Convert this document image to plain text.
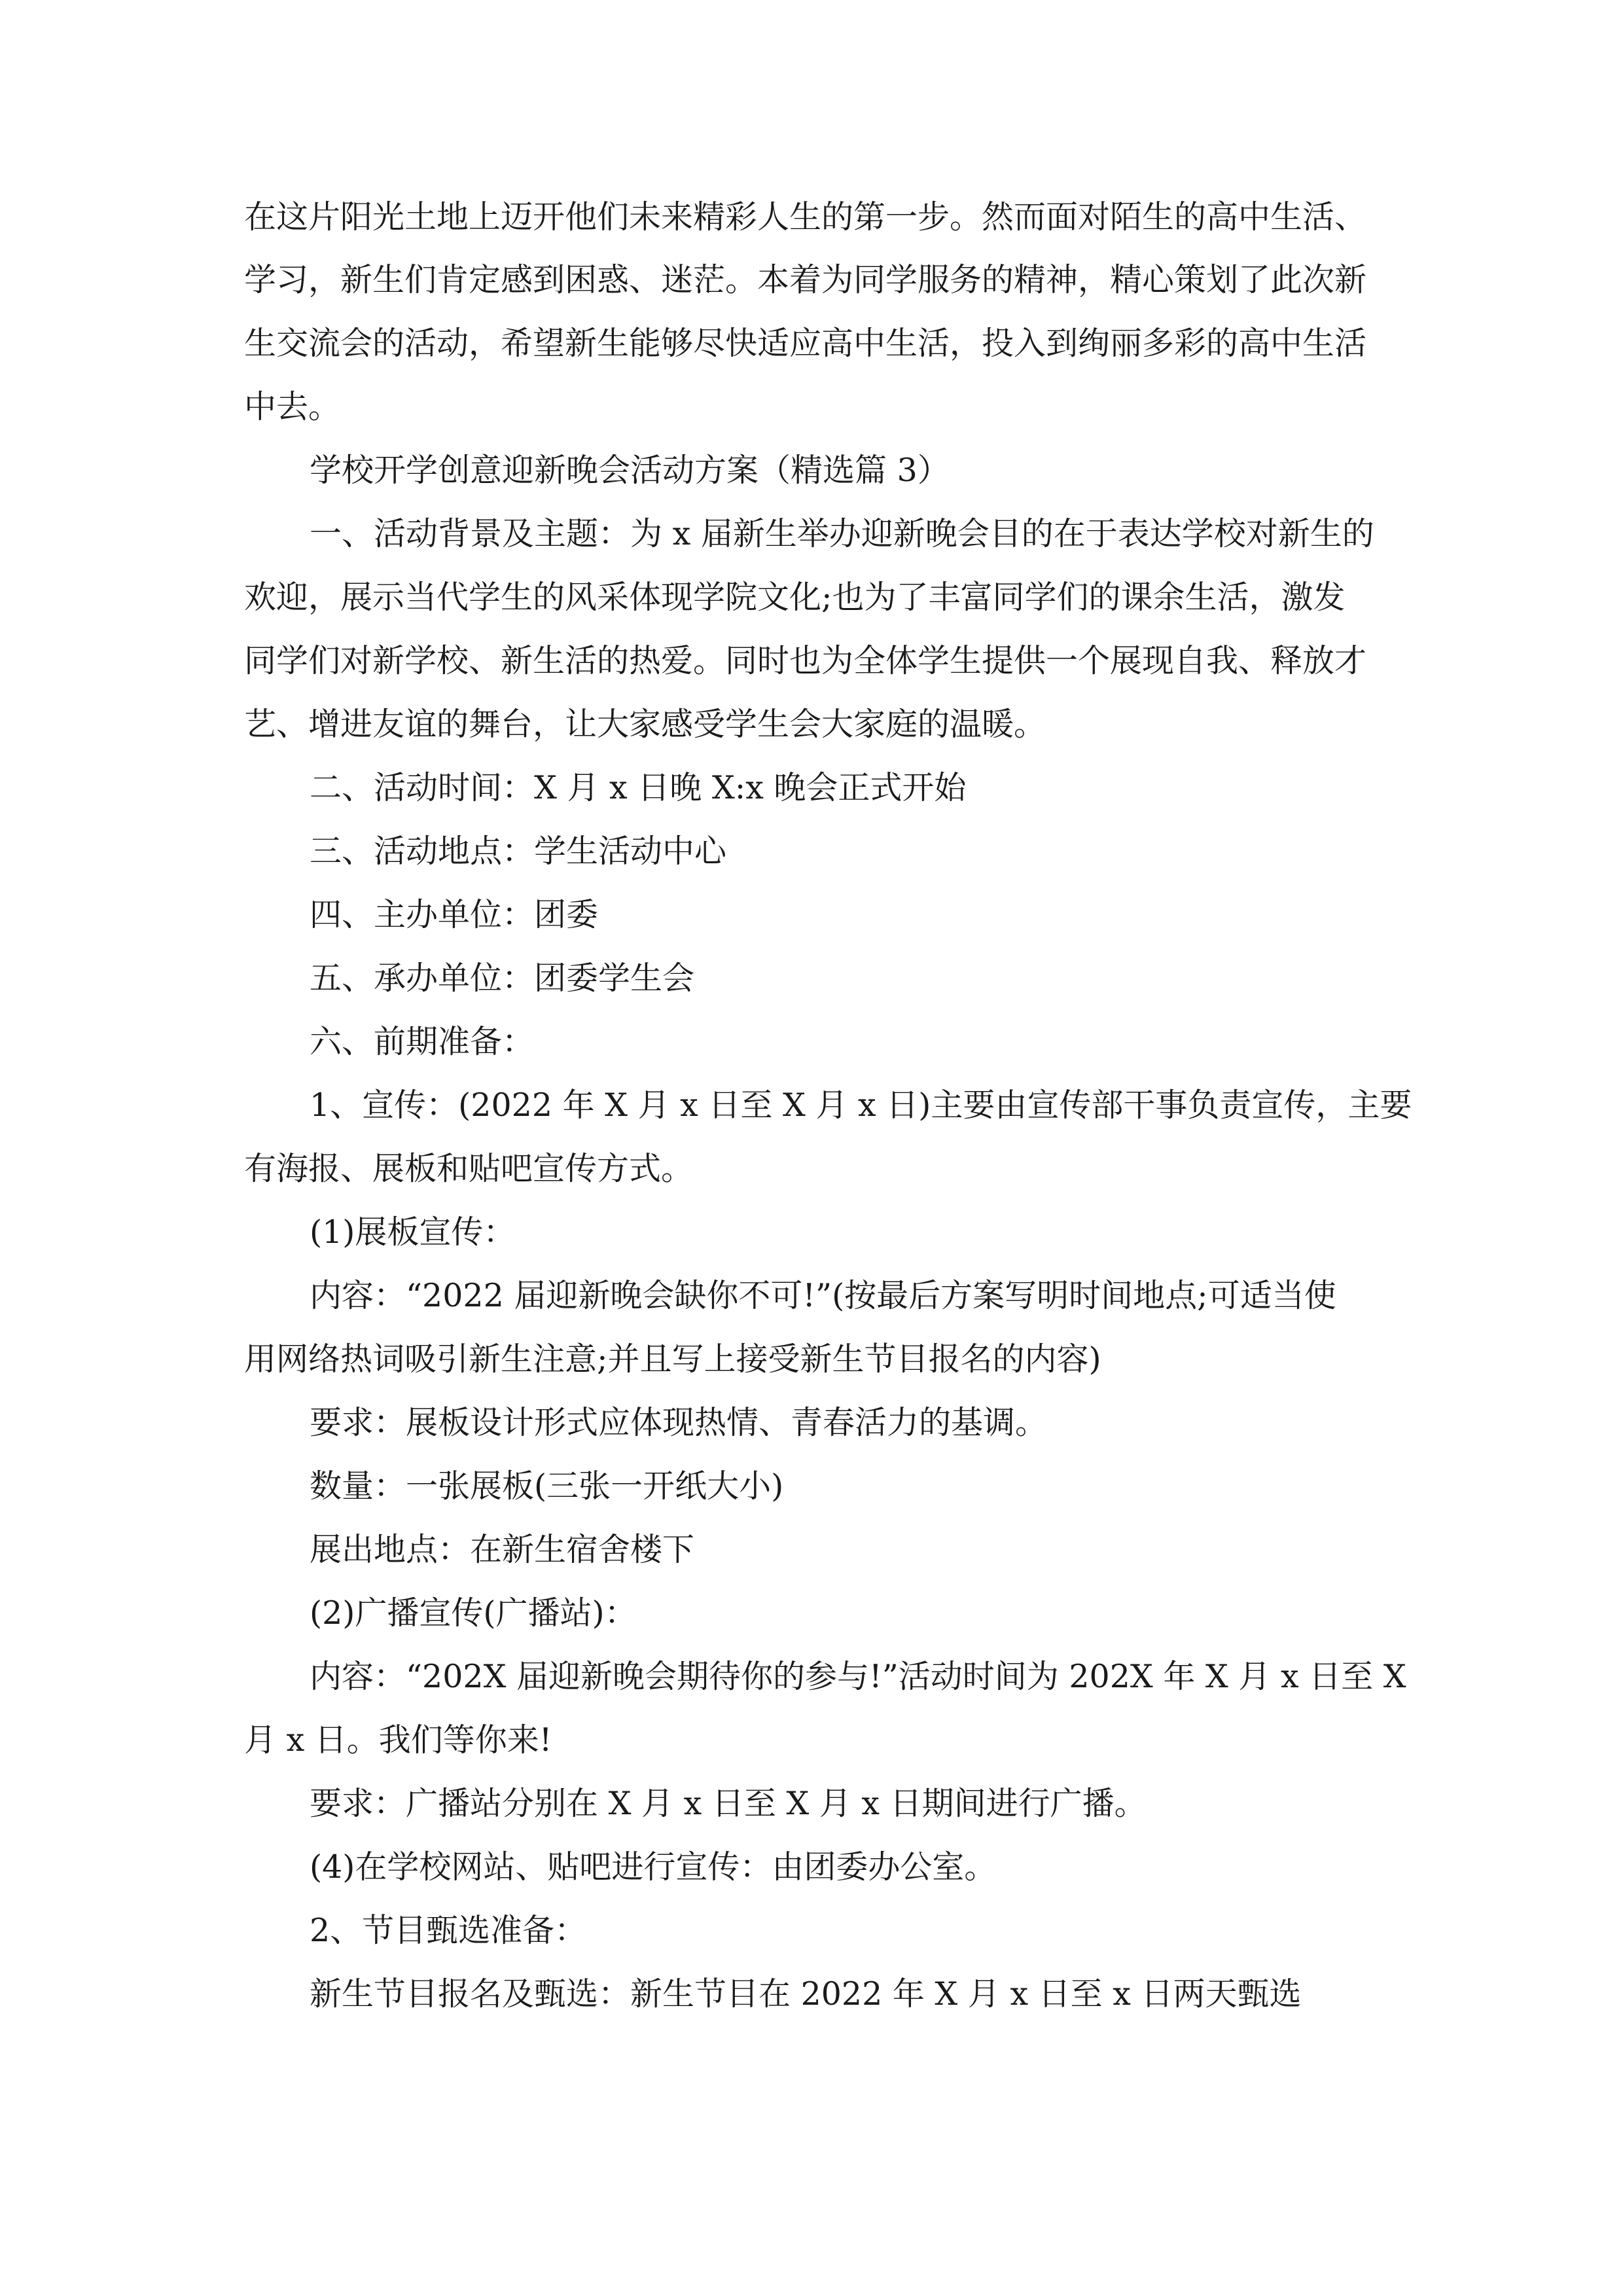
在这片阳光土地上迈开他们未来精彩人生的第一步。然而面对陌生的高中生活、
学习，新生们肯定感到困惑、迷茫。本着为同学服务的精神，精心策划了此次新
生交流会的活动，希望新生能够尽快适应高中生活，投入到绚丽多彩的高中生活
中去。
学校开学创意迎新晚会活动方案（精选篇 3）
一、活动背景及主题：为 x 届新生举办迎新晚会目的在于表达学校对新生的
欢迎，展示当代学生的风采体现学院文化;也为了丰富同学们的课余生活，激发
同学们对新学校、新生活的热爱。同时也为全体学生提供一个展现自我、释放才
艺、增进友谊的舞台，让大家感受学生会大家庭的温暖。
二、活动时间：X 月 x 日晚 X:x 晚会正式开始
三、活动地点：学生活动中心
四、主办单位：团委
五、承办单位：团委学生会
六、前期准备：
1、宣传：(2022 年 X 月 x 日至 X 月 x 日)主要由宣传部干事负责宣传，主要
有海报、展板和贴吧宣传方式。
(1)展板宣传：
内容：“2022 届迎新晚会缺你不可!”(按最后方案写明时间地点;可适当使
用网络热词吸引新生注意;并且写上接受新生节目报名的内容)
要求：展板设计形式应体现热情、青春活力的基调。
数量：一张展板(三张一开纸大小)
展出地点：在新生宿舍楼下
(2)广播宣传(广播站)：
内容：“202X 届迎新晚会期待你的参与!”活动时间为 202X 年 X 月 x 日至 X
月 x 日。我们等你来!
要求：广播站分别在 X 月 x 日至 X 月 x 日期间进行广播。
(4)在学校网站、贴吧进行宣传：由团委办公室。
2、节目甄选准备：
新生节目报名及甄选：新生节目在 2022 年 X 月 x 日至 x 日两天甄选
